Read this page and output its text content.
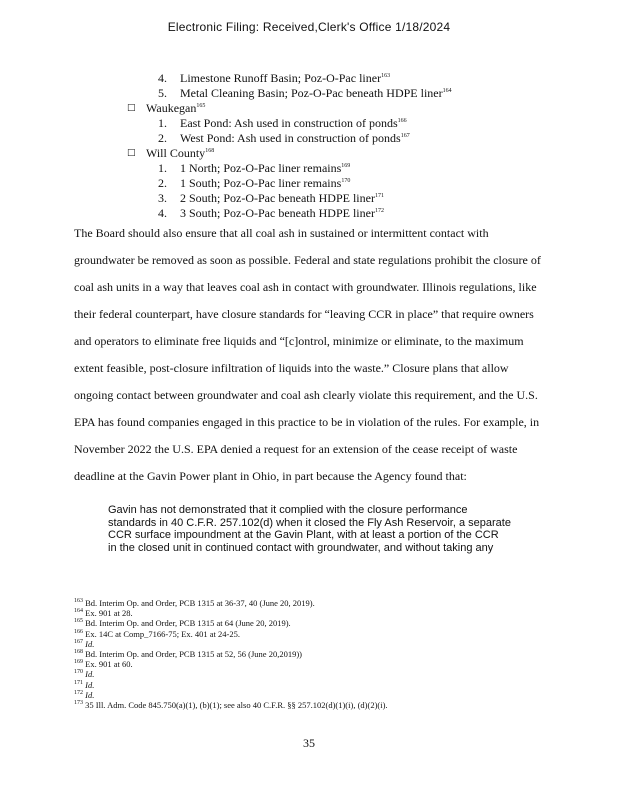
Electronic Filing: Received,Clerk's Office 1/18/2024
4. Limestone Runoff Basin; Poz-O-Pac liner$^{163}$
5. Metal Cleaning Basin; Poz-O-Pac beneath HDPE liner$^{164}$
□ Waukegan$^{165}$
1. East Pond: Ash used in construction of ponds$^{166}$
2. West Pond: Ash used in construction of ponds$^{167}$
□ Will County$^{168}$
1. 1 North; Poz-O-Pac liner remains$^{169}$
2. 1 South; Poz-O-Pac liner remains$^{170}$
3. 2 South; Poz-O-Pac beneath HDPE liner$^{171}$
4. 3 South; Poz-O-Pac beneath HDPE liner$^{172}$
The Board should also ensure that all coal ash in sustained or intermittent contact with
groundwater be removed as soon as possible. Federal and state regulations prohibit the closure of
coal ash units in a way that leaves coal ash in contact with groundwater. Illinois regulations, like
their federal counterpart, have closure standards for “leaving CCR in place” that require owners
and operators to eliminate free liquids and “[c]ontrol, minimize or eliminate, to the maximum
extent feasible, post-closure infiltration of liquids into the waste.” Closure plans that allow
ongoing contact between groundwater and coal ash clearly violate this requirement, and the U.S.
EPA has found companies engaged in this practice to be in violation of the rules. For example, in
November 2022 the U.S. EPA denied a request for an extension of the cease receipt of waste
deadline at the Gavin Power plant in Ohio, in part because the Agency found that:
Gavin has not demonstrated that it complied with the closure performance
standards in 40 C.F.R. 257.102(d) when it closed the Fly Ash Reservoir, a separate
CCR surface impoundment at the Gavin Plant, with at least a portion of the CCR
in the closed unit in continued contact with groundwater, and without taking any
$^{163}$ Bd. Interim Op. and Order, PCB 1315 at 36-37, 40 (June 20, 2019).
$^{164}$ Ex. 901 at 28.
$^{165}$ Bd. Interim Op. and Order, PCB 1315 at 64 (June 20, 2019).
$^{166}$ Ex. 14C at Comp_7166-75; Ex. 401 at 24-25.
$^{167}$ Id.
$^{168}$ Bd. Interim Op. and Order, PCB 1315 at 52, 56 (June 20,2019))
$^{169}$ Ex. 901 at 60.
$^{170}$ Id.
$^{171}$ Id.
$^{172}$ Id.
$^{173}$ 35 Ill. Adm. Code 845.750(a)(1), (b)(1); see also 40 C.F.R. §§ 257.102(d)(1)(i), (d)(2)(i).
35
